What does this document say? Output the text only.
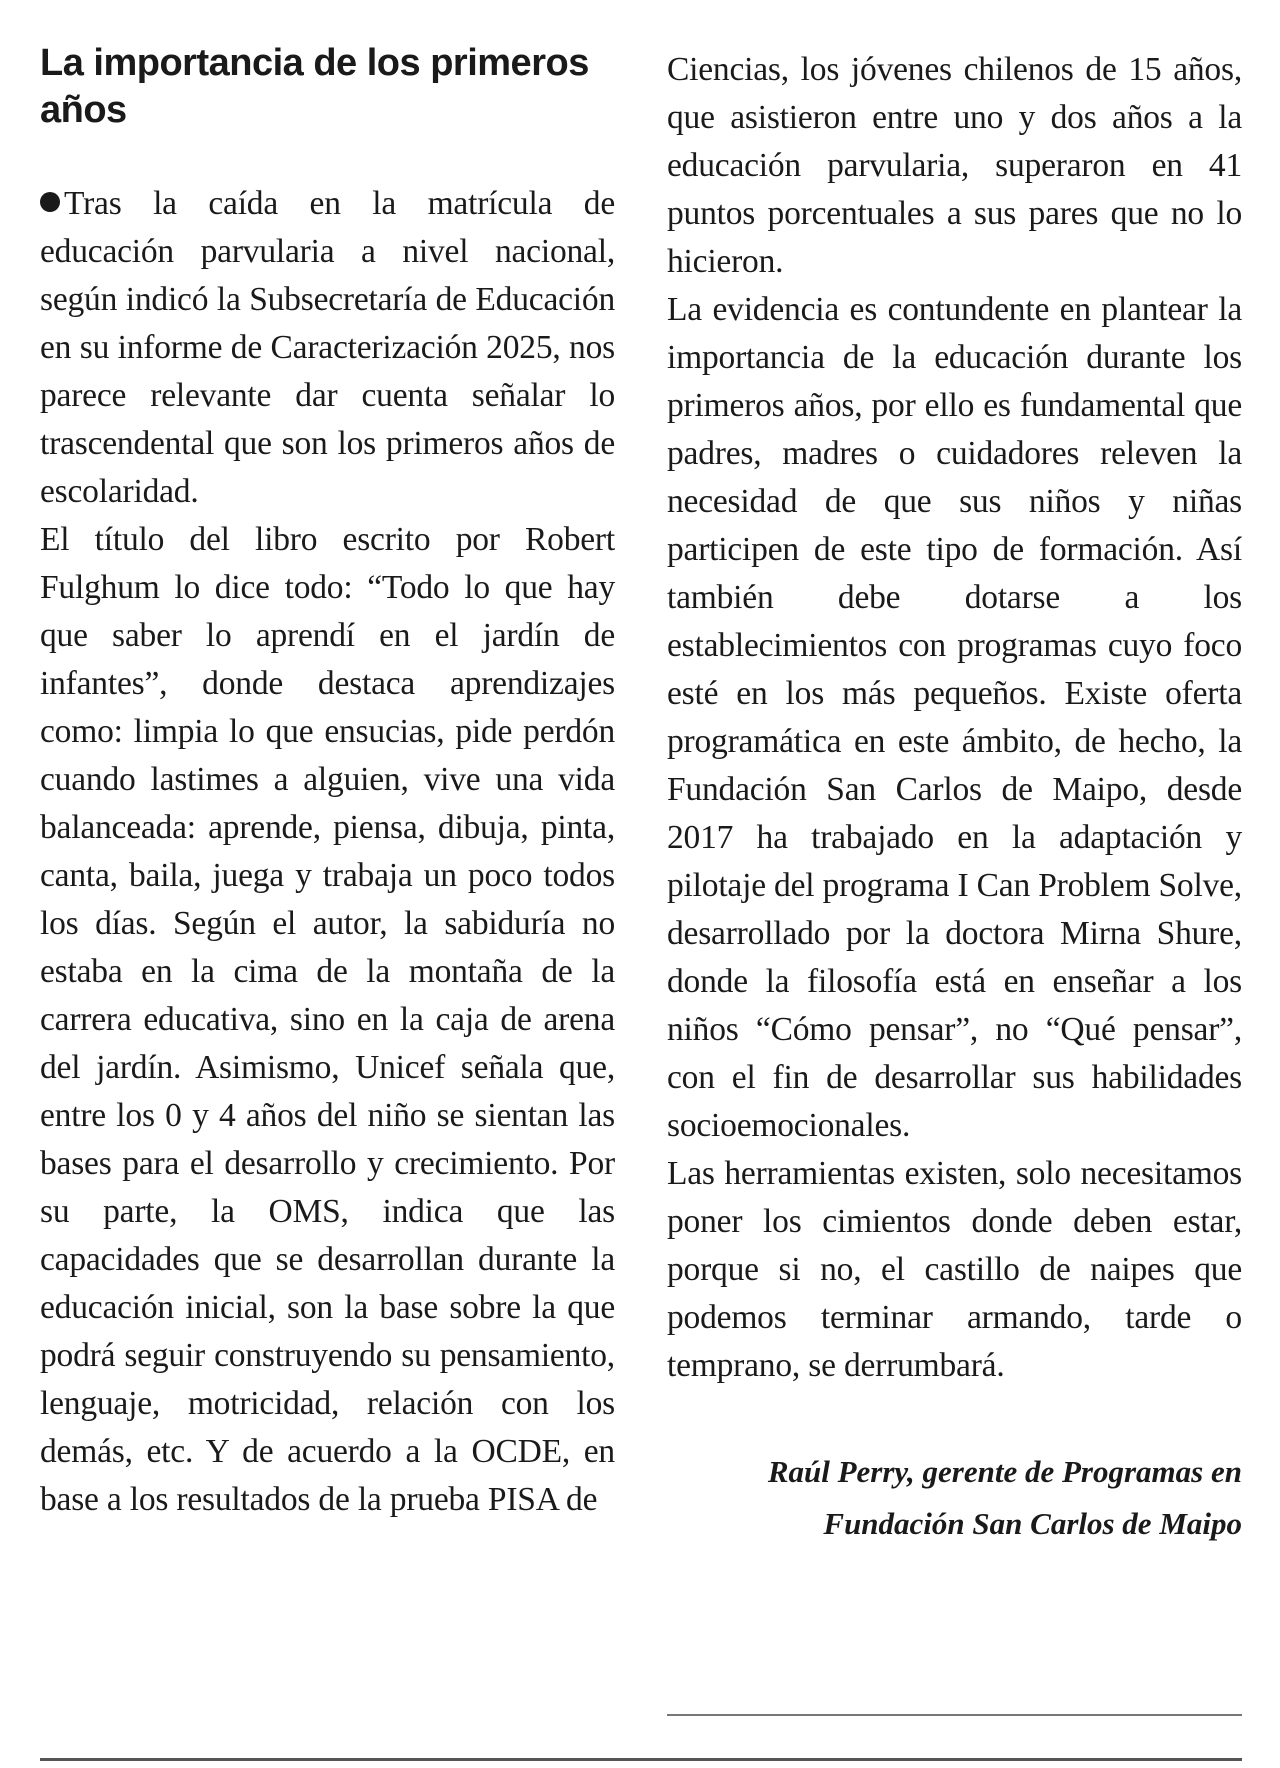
La importancia de los primeros años

Tras la caída en la matrícula de educación parvularia a nivel nacional, según indicó la Subsecretaría de Educación en su informe de Caracterización 2025, nos parece relevante dar cuenta señalar lo trascendental que son los primeros años de escolaridad.

El título del libro escrito por Robert Fulghum lo dice todo: “Todo lo que hay que saber lo aprendí en el jardín de infantes”, donde destaca aprendizajes como: limpia lo que ensucias, pide perdón cuando lastimes a alguien, vive una vida balanceada: aprende, piensa, dibuja, pinta, canta, baila, juega y trabaja un poco todos los días. Según el autor, la sabiduría no estaba en la cima de la montaña de la carrera educativa, sino en la caja de arena del jardín. Asimismo, Unicef señala que, entre los 0 y 4 años del niño se sientan las bases para el desarrollo y crecimiento. Por su parte, la OMS, indica que las capacidades que se desarrollan durante la educación inicial, son la base sobre la que podrá seguir construyendo su pensamiento, lenguaje, motricidad, relación con los demás, etc. Y de acuerdo a la OCDE, en base a los resultados de la prueba PISA de

Ciencias, los jóvenes chilenos de 15 años, que asistieron entre uno y dos años a la educación parvularia, superaron en 41 puntos porcentuales a sus pares que no lo hicieron.

La evidencia es contundente en plantear la importancia de la educación durante los primeros años, por ello es fundamental que padres, madres o cuidadores releven la necesidad de que sus niños y niñas participen de este tipo de formación. Así también debe dotarse a los establecimientos con programas cuyo foco esté en los más pequeños. Existe oferta programática en este ámbito, de hecho, la Fundación San Carlos de Maipo, desde 2017 ha trabajado en la adaptación y pilotaje del programa I Can Problem Solve, desarrollado por la doctora Mirna Shure, donde la filosofía está en enseñar a los niños “Cómo pensar”, no “Qué pensar”, con el fin de desarrollar sus habilidades socioemocionales.

Las herramientas existen, solo necesitamos poner los cimientos donde deben estar, porque si no, el castillo de naipes que podemos terminar armando, tarde o temprano, se derrumbará.

Raúl Perry, gerente de Programas en
Fundación San Carlos de Maipo
